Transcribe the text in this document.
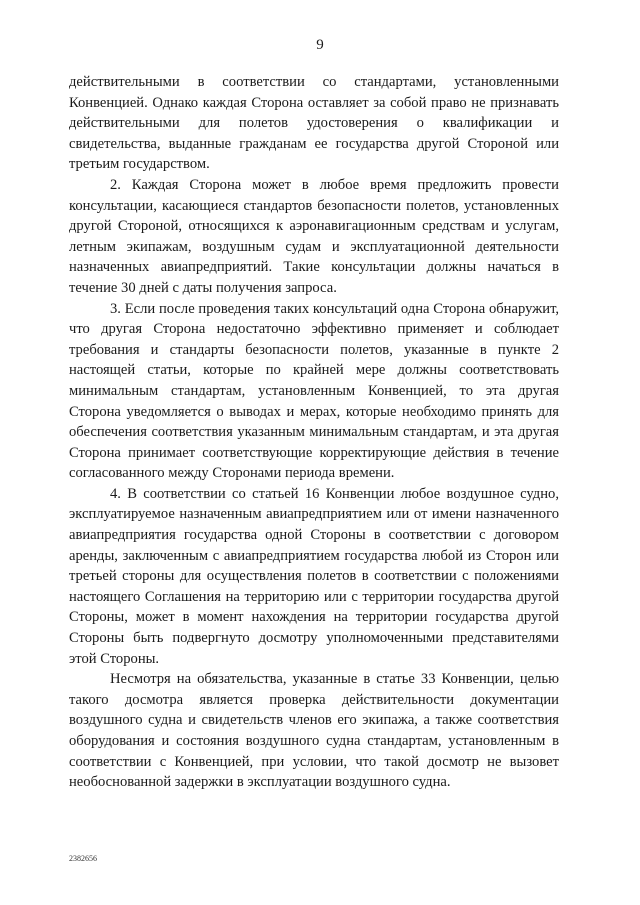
9

действительными в соответствии со стандартами, установленными Конвенцией. Однако каждая Сторона оставляет за собой право не признавать действительными для полетов удостоверения о квалификации и свидетельства, выданные гражданам ее государства другой Стороной или третьим государством.

2. Каждая Сторона может в любое время предложить провести консультации, касающиеся стандартов безопасности полетов, установленных другой Стороной, относящихся к аэронавигационным средствам и услугам, летным экипажам, воздушным судам и эксплуатационной деятельности назначенных авиапредприятий. Такие консультации должны начаться в течение 30 дней с даты получения запроса.

3. Если после проведения таких консультаций одна Сторона обнаружит, что другая Сторона недостаточно эффективно применяет и соблюдает требования и стандарты безопасности полетов, указанные в пункте 2 настоящей статьи, которые по крайней мере должны соответствовать минимальным стандартам, установленным Конвенцией, то эта другая Сторона уведомляется о выводах и мерах, которые необходимо принять для обеспечения соответствия указанным минимальным стандартам, и эта другая Сторона принимает соответствующие корректирующие действия в течение согласованного между Сторонами периода времени.

4. В соответствии со статьей 16 Конвенции любое воздушное судно, эксплуатируемое назначенным авиапредприятием или от имени назначенного авиапредприятия государства одной Стороны в соответствии с договором аренды, заключенным с авиапредприятием государства любой из Сторон или третьей стороны для осуществления полетов в соответствии с положениями настоящего Соглашения на территорию или с территории государства другой Стороны, может в момент нахождения на территории государства другой Стороны быть подвергнуто досмотру уполномоченными представителями этой Стороны.

Несмотря на обязательства, указанные в статье 33 Конвенции, целью такого досмотра является проверка действительности документации воздушного судна и свидетельств членов его экипажа, а также соответствия оборудования и состояния воздушного судна стандартам, установленным в соответствии с Конвенцией, при условии, что такой досмотр не вызовет необоснованной задержки в эксплуатации воздушного судна.

2382656
